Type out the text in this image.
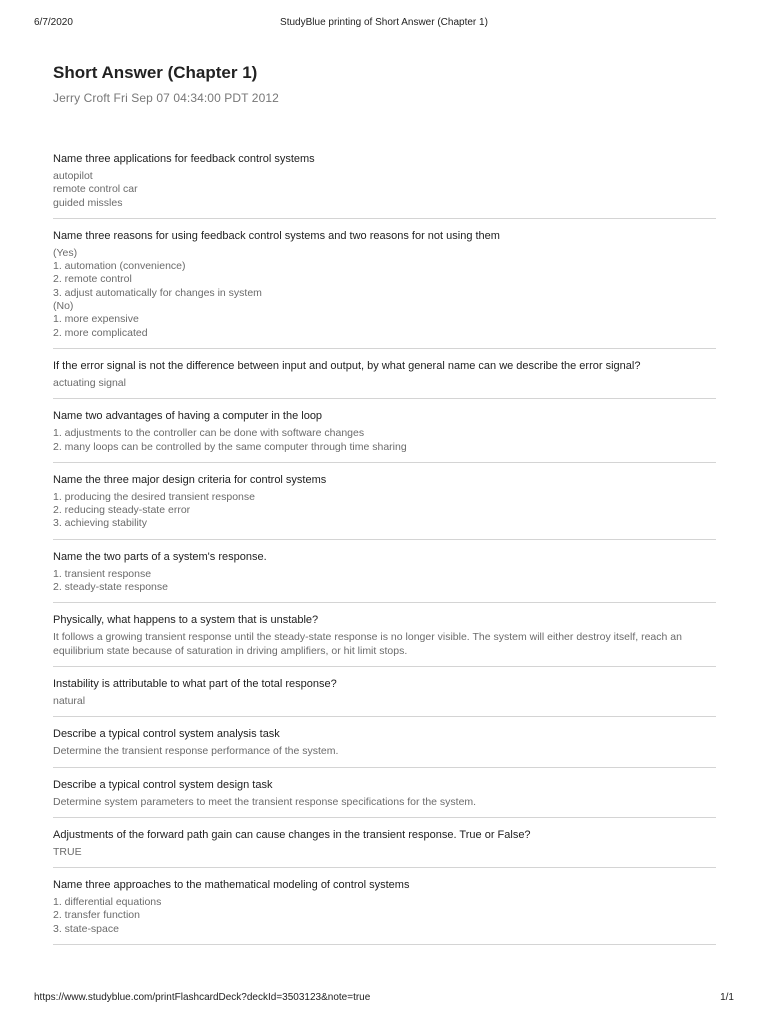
6/7/2020	StudyBlue printing of Short Answer (Chapter 1)
Short Answer (Chapter 1)
Jerry Croft Fri Sep 07 04:34:00 PDT 2012
Name three applications for feedback control systems
autopilot
remote control car
guided missles
Name three reasons for using feedback control systems and two reasons for not using them
(Yes)
1. automation (convenience)
2. remote control
3. adjust automatically for changes in system
(No)
1. more expensive
2. more complicated
If the error signal is not the difference between input and output, by what general name can we describe the error signal?
actuating signal
Name two advantages of having a computer in the loop
1. adjustments to the controller can be done with software changes
2. many loops can be controlled by the same computer through time sharing
Name the three major design criteria for control systems
1. producing the desired transient response
2. reducing steady-state error
3. achieving stability
Name the two parts of a system's response.
1. transient response
2. steady-state response
Physically, what happens to a system that is unstable?
It follows a growing transient response until the steady-state response is no longer visible. The system will either destroy itself, reach an equilibrium state because of saturation in driving amplifiers, or hit limit stops.
Instability is attributable to what part of the total response?
natural
Describe a typical control system analysis task
Determine the transient response performance of the system.
Describe a typical control system design task
Determine system parameters to meet the transient response specifications for the system.
Adjustments of the forward path gain can cause changes in the transient response. True or False?
TRUE
Name three approaches to the mathematical modeling of control systems
1. differential equations
2. transfer function
3. state-space
https://www.studyblue.com/printFlashcardDeck?deckId=3503123&note=true	1/1
